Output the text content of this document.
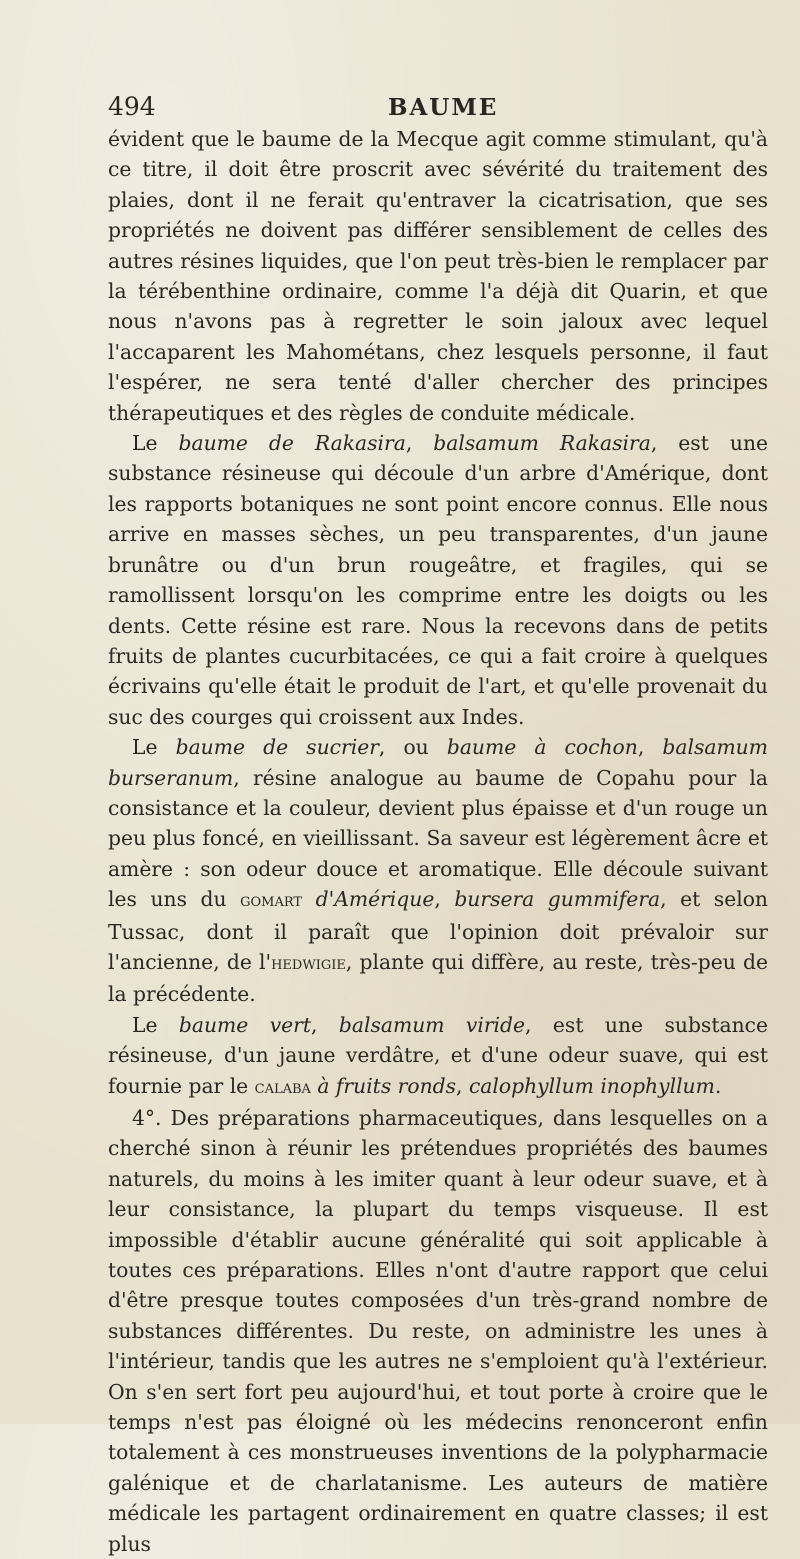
494	BAUME

évident que le baume de la Mecque agit comme stimulant, qu'à ce titre, il doit être proscrit avec sévérité du traitement des plaies, dont il ne ferait qu'entraver la cicatrisation, que ses propriétés ne doivent pas différer sensiblement de celles des autres résines liquides, que l'on peut très-bien le remplacer par la térébenthine ordinaire, comme l'a déjà dit Quarin, et que nous n'avons pas à regretter le soin jaloux avec lequel l'accaparent les Mahométans, chez lesquels personne, il faut l'espérer, ne sera tenté d'aller chercher des principes thérapeutiques et des règles de conduite médicale.

Le baume de Rakasira, balsamum Rakasira, est une substance résineuse qui découle d'un arbre d'Amérique, dont les rapports botaniques ne sont point encore connus. Elle nous arrive en masses sèches, un peu transparentes, d'un jaune brunâtre ou d'un brun rougeâtre, et fragiles, qui se ramollissent lorsqu'on les comprime entre les doigts ou les dents. Cette résine est rare. Nous la recevons dans de petits fruits de plantes cucurbitacées, ce qui a fait croire à quelques écrivains qu'elle était le produit de l'art, et qu'elle provenait du suc des courges qui croissent aux Indes.

Le baume de sucrier, ou baume à cochon, balsamum burseranum, résine analogue au baume de Copahu pour la consistance et la couleur, devient plus épaisse et d'un rouge un peu plus foncé, en vieillissant. Sa saveur est légèrement âcre et amère : son odeur douce et aromatique. Elle découle suivant les uns du gomart d'Amérique, bursera gummifera, et selon Tussac, dont il paraît que l'opinion doit prévaloir sur l'ancienne, de l'hedwigie, plante qui diffère, au reste, très-peu de la précédente.

Le baume vert, balsamum viride, est une substance résineuse, d'un jaune verdâtre, et d'une odeur suave, qui est fournie par le calaba à fruits ronds, calophyllum inophyllum.

4°. Des préparations pharmaceutiques, dans lesquelles on a cherché sinon à réunir les prétendues propriétés des baumes naturels, du moins à les imiter quant à leur odeur suave, et à leur consistance, la plupart du temps visqueuse. Il est impossible d'établir aucune généralité qui soit applicable à toutes ces préparations. Elles n'ont d'autre rapport que celui d'être presque toutes composées d'un très-grand nombre de substances différentes. Du reste, on administre les unes à l'intérieur, tandis que les autres ne s'emploient qu'à l'extérieur. On s'en sert fort peu aujourd'hui, et tout porte à croire que le temps n'est pas éloigné où les médecins renonceront enfin totalement à ces monstrueuses inventions de la polypharmacie galénique et de charlatanisme. Les auteurs de matière médicale les partagent ordinairement en quatre classes; il est plus
